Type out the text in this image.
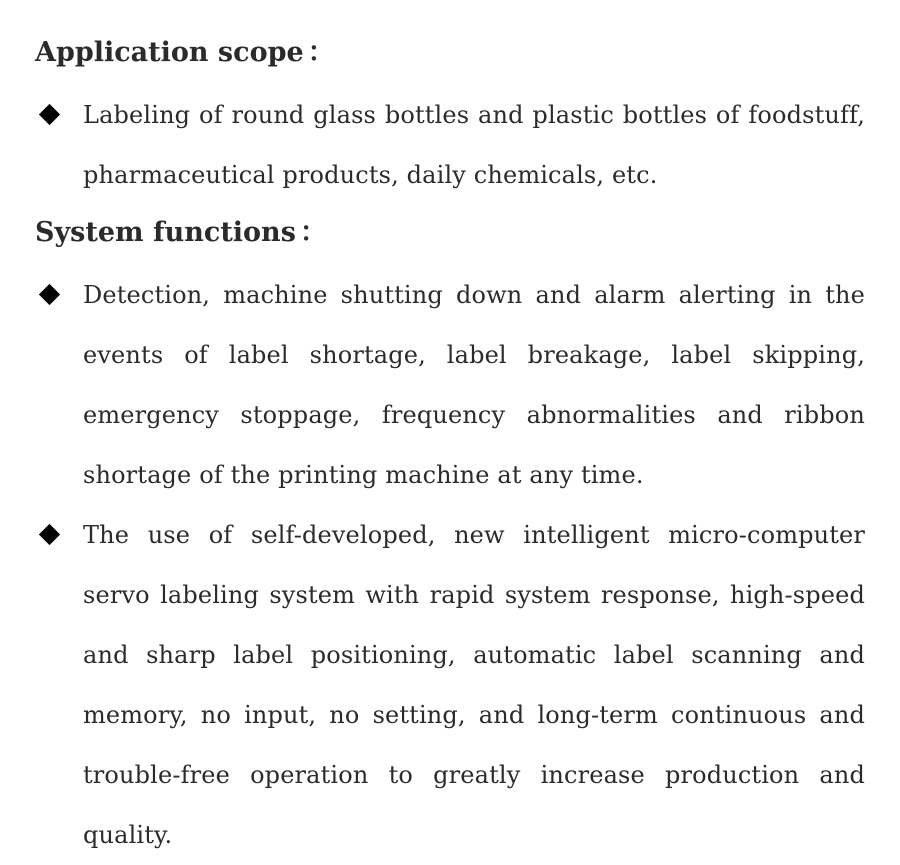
Application scope ：
Labeling of round glass bottles and plastic bottles of foodstuff, pharmaceutical products, daily chemicals, etc.
System functions ：
Detection, machine shutting down and alarm alerting in the events of label shortage, label breakage, label skipping, emergency stoppage, frequency abnormalities and ribbon shortage of the printing machine at any time.
The use of self-developed, new intelligent micro-computer servo labeling system with rapid system response, high-speed and sharp label positioning, automatic label scanning and memory, no input, no setting, and long-term continuous and trouble-free operation to greatly increase production and quality.
